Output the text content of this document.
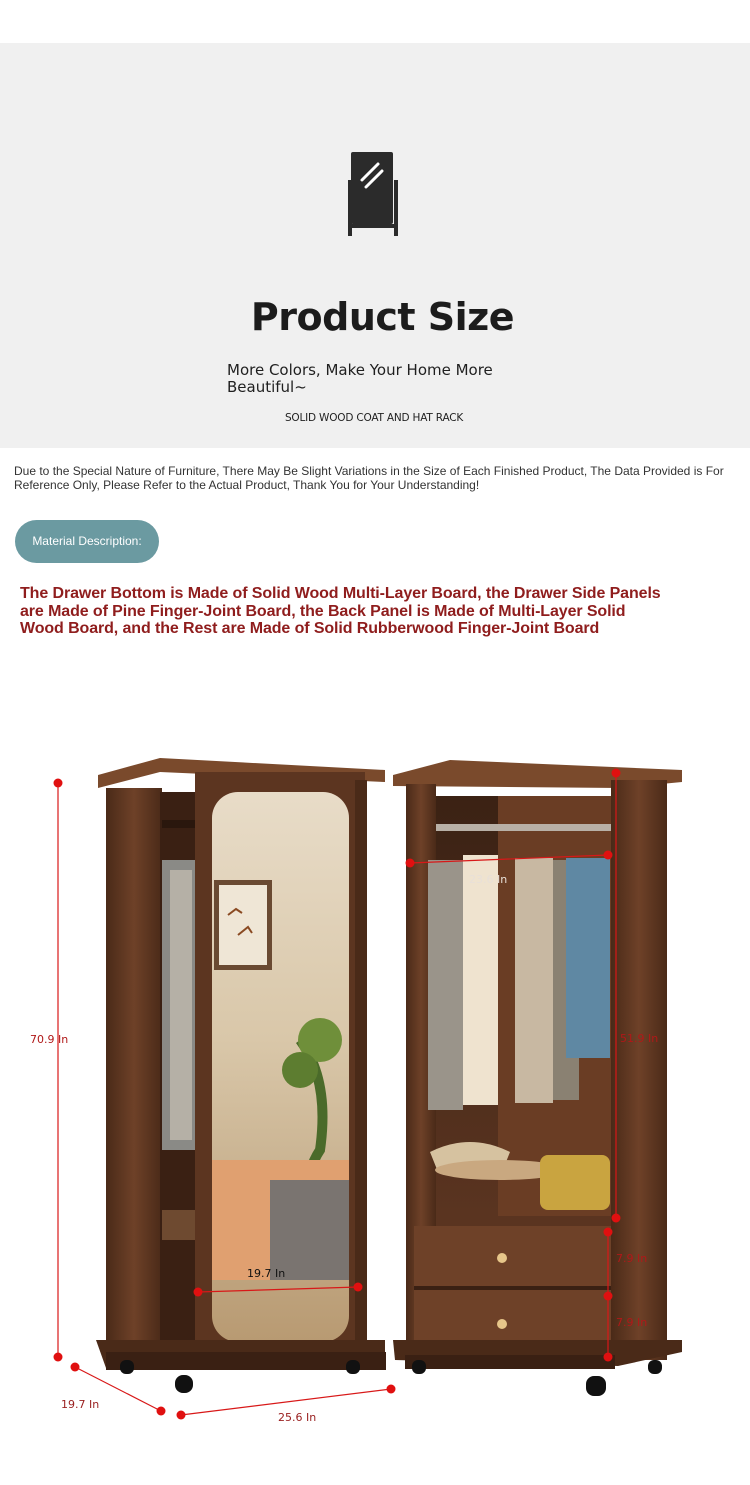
Product Size
More Colors, Make Your Home More Beautiful~
SOLID WOOD COAT AND HAT RACK
Due to the Special Nature of Furniture, There May Be Slight Variations in the Size of Each Finished Product, The Data Provided is For Reference Only, Please Refer to the Actual Product, Thank You for Your Understanding!
Material Description:
The Drawer Bottom is Made of Solid Wood Multi-Layer Board, the Drawer Side Panels are Made of Pine Finger-Joint Board, the Back Panel is Made of Multi-Layer Solid Wood Board, and the Rest are Made of Solid Rubberwood Finger-Joint Board
70.9 In
19.7 In
25.6 In
19.7 In
23.6 In
51.9 In
7.9 In
7.9 In
